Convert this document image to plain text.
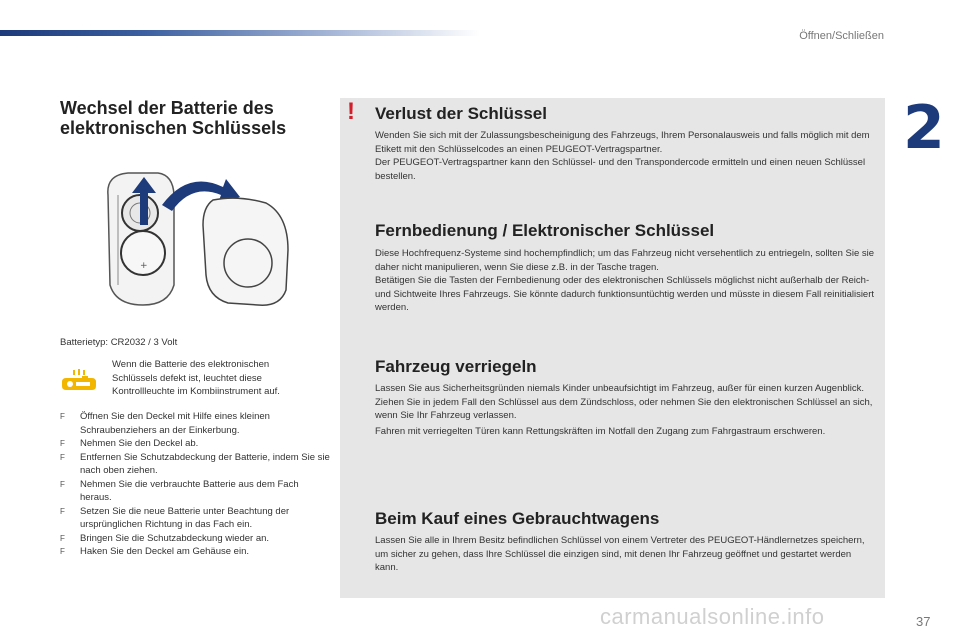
Öffnen/Schließen
2
Wechsel der Batterie des elektronischen Schlüssels
+
Batterietyp: CR2032 / 3 Volt
Wenn die Batterie des elektronischen Schlüssels defekt ist, leuchtet diese Kontrollleuchte im Kombiinstrument auf.
F Öffnen Sie den Deckel mit Hilfe eines kleinen Schraubenziehers an der Einkerbung.
F Nehmen Sie den Deckel ab.
F Entfernen Sie Schutzabdeckung der Batterie, indem Sie sie nach oben ziehen.
F Nehmen Sie die verbrauchte Batterie aus dem Fach heraus.
F Setzen Sie die neue Batterie unter Beachtung der ursprünglichen Richtung in das Fach ein.
F Bringen Sie die Schutzabdeckung wieder an.
F Haken Sie den Deckel am Gehäuse ein.
! Verlust der Schlüssel

Wenden Sie sich mit der Zulassungsbescheinigung des Fahrzeugs, Ihrem Personalausweis und falls möglich mit dem Etikett mit den Schlüsselcodes an einen PEUGEOT-Vertragspartner.

Der PEUGEOT-Vertragspartner kann den Schlüssel- und den Transpondercode ermitteln und einen neuen Schlüssel bestellen.

Fernbedienung / Elektronischer Schlüssel

Diese Hochfrequenz-Systeme sind hochempfindlich; um das Fahrzeug nicht versehentlich zu entriegeln, sollten Sie sie daher nicht manipulieren, wenn Sie diese z.B. in der Tasche tragen.

Betätigen Sie die Tasten der Fernbedienung oder des elektronischen Schlüssels möglichst nicht außerhalb der Reich- und Sichtweite Ihres Fahrzeugs. Sie könnte dadurch funktionsuntüchtig werden und müsste in diesem Fall reinitialisiert werden.

Fahrzeug verriegeln

Lassen Sie aus Sicherheitsgründen niemals Kinder unbeaufsichtigt im Fahrzeug, außer für einen kurzen Augenblick.

Ziehen Sie in jedem Fall den Schlüssel aus dem Zündschloss, oder nehmen Sie den elektronischen Schlüssel an sich, wenn Sie Ihr Fahrzeug verlassen.

Fahren mit verriegelten Türen kann Rettungskräften im Notfall den Zugang zum Fahrgastraum erschweren.

Beim Kauf eines Gebrauchtwagens

Lassen Sie alle in Ihrem Besitz befindlichen Schlüssel von einem Vertreter des PEUGEOT-Händlernetzes speichern, um sicher zu gehen, dass Ihre Schlüssel die einzigen sind, mit denen Ihr Fahrzeug geöffnet und gestartet werden kann.

carmanualsonline.info	37
